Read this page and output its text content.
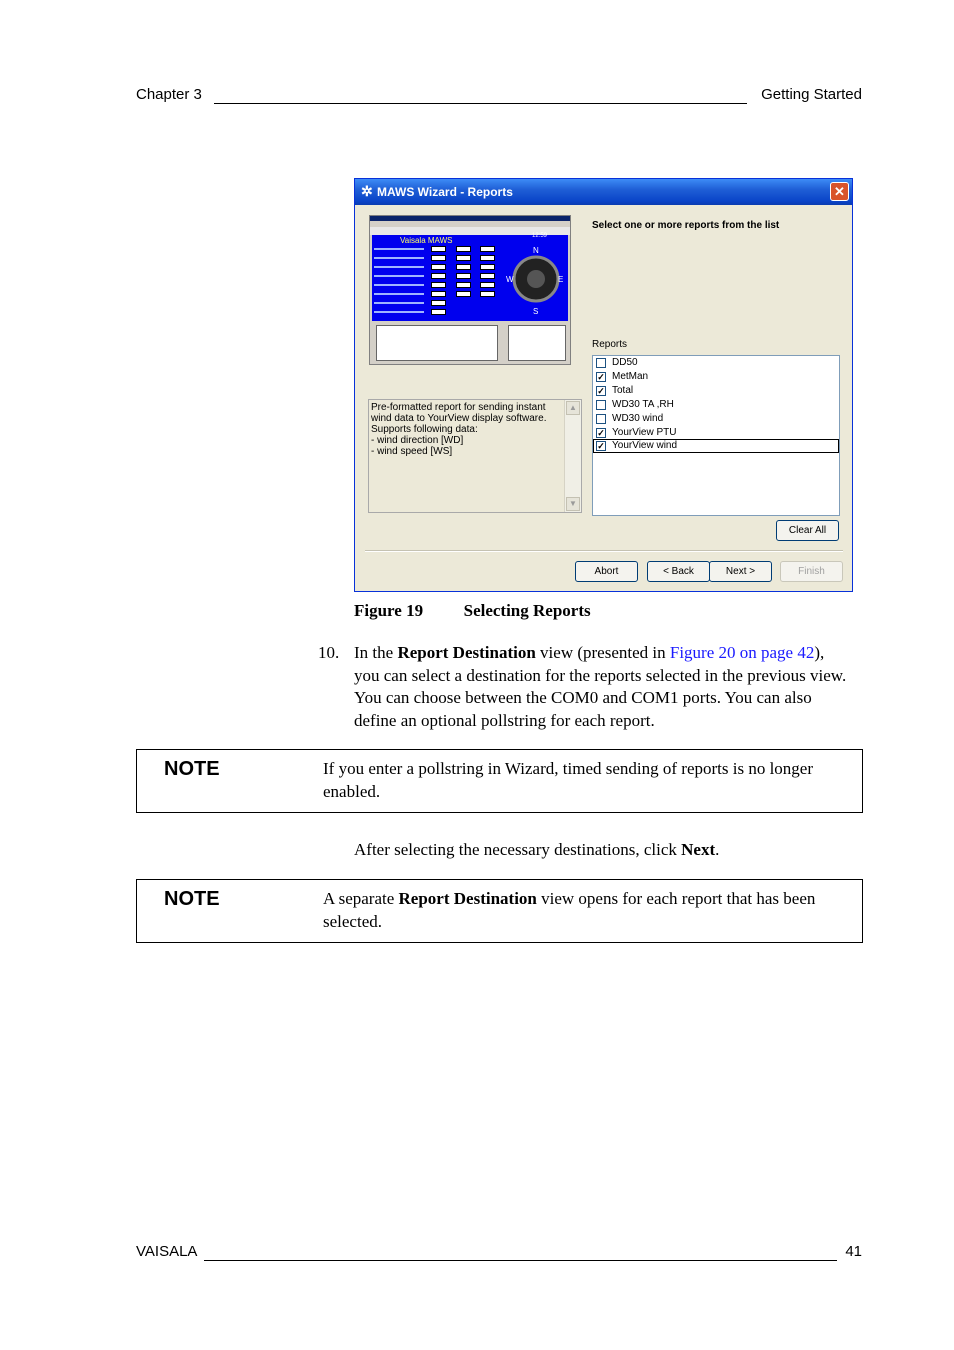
Chapter 3	Getting Started
✲ MAWS Wizard - Reports	✕
Vaisala MAWS	12:59
N
S
W	E
Select one or more reports from the list
Reports
Pre-formatted report for sending instant wind data to YourView display software.
Supports following data:
- wind direction [WD]
- wind speed [WS]
▲
▼
DD50
✓ MetMan
✓ Total
WD30 TA ,RH
WD30 wind
✓ YourView PTU
✓ YourView wind
Clear All
Abort	< Back	Next >	Finish
Figure 19 Selecting Reports
10. In the Report Destination view (presented in Figure 20 on page 42), you can select a destination for the reports selected in the previous view. You can choose between the COM0 and COM1 ports. You can also define an optional pollstring for each report.
NOTE	If you enter a pollstring in Wizard, timed sending of reports is no longer enabled.
After selecting the necessary destinations, click Next.
NOTE	A separate Report Destination view opens for each report that has been selected.
VAISALA	41
